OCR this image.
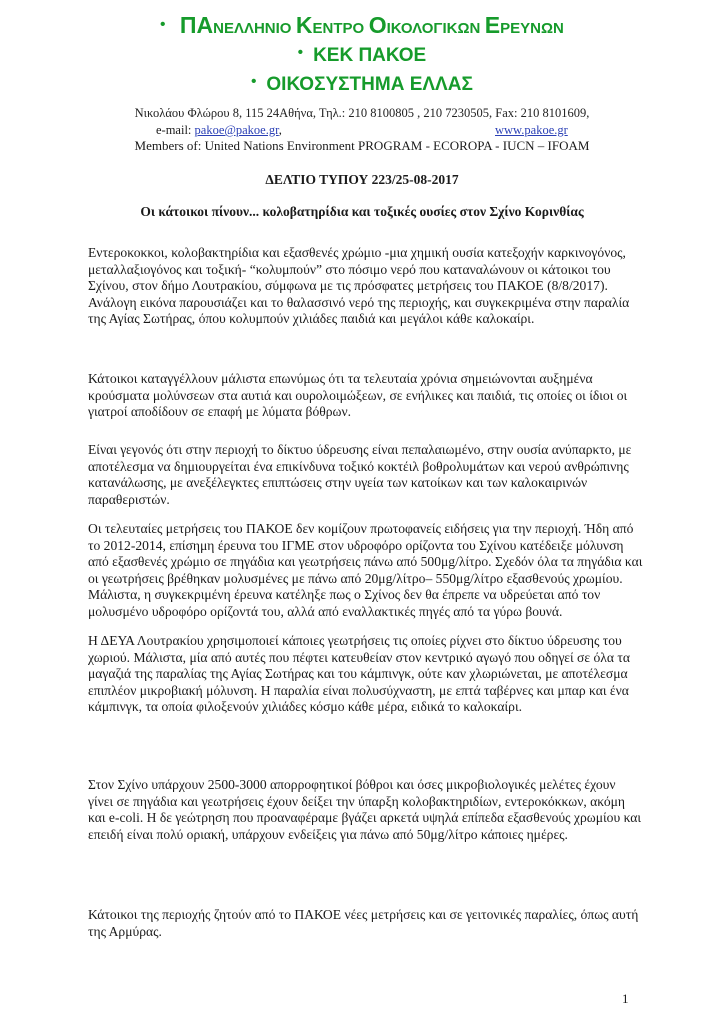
• ΠΑΝΕΛΛΗΝΙΟ ΚΕΝΤΡΟ ΟΙΚΟΛΟΓΙΚΩΝ ΕΡΕΥΝΩΝ
• ΚΕΚ ΠΑΚΟΕ
• ΟΙΚΟΣΥΣΤΗΜΑ ΕΛΛΑΣ
Νικολάου Φλώρου 8, 115 24Αθήνα, Τηλ.: 210 8100805 , 210 7230505, Fax: 210 8101609,
e-mail: pakoe@pakoe.gr,	www.pakoe.gr
Members of: United Nations Environment PROGRAM - ECOROPA - IUCN – IFOAM
ΔΕΛΤΙΟ ΤΥΠΟΥ 223/25-08-2017
Οι κάτοικοι πίνουν... κολοβατηρίδια και τοξικές ουσίες στον Σχίνο Κορινθίας

Εντεροκοκκοι, κολοβακτηρίδια και εξασθενές χρώμιο -μια χημική ουσία κατεξοχήν καρκινογόνος, μεταλλαξιογόνος και τοξική- “κολυμπούν” στο πόσιμο νερό που καταναλώνουν οι κάτοικοι του Σχίνου, στον δήμο Λουτρακίου, σύμφωνα με τις πρόσφατες μετρήσεις του ΠΑΚΟΕ (8/8/2017). Ανάλογη εικόνα παρουσιάζει και το θαλασσινό νερό της περιοχής, και συγκεκριμένα στην παραλία της Αγίας Σωτήρας, όπου κολυμπούν χιλιάδες παιδιά και μεγάλοι κάθε καλοκαίρι.

Κάτοικοι καταγγέλλουν μάλιστα επωνύμως ότι τα τελευταία χρόνια σημειώνονται αυξημένα κρούσματα μολύνσεων στα αυτιά και ουρολοιμώξεων, σε ενήλικες και παιδιά, τις οποίες οι ίδιοι οι γιατροί αποδίδουν σε επαφή με λύματα βόθρων.

Είναι γεγονός ότι στην περιοχή το δίκτυο ύδρευσης είναι πεπαλαιωμένο, στην ουσία ανύπαρκτο, με αποτέλεσμα να δημιουργείται ένα επικίνδυνα τοξικό κοκτέιλ βοθρολυμάτων και νερού ανθρώπινης κατανάλωσης, με ανεξέλεγκτες επιπτώσεις στην υγεία των κατοίκων και των καλοκαιρινών παραθεριστών.

Οι τελευταίες μετρήσεις του ΠΑΚΟΕ δεν κομίζουν πρωτοφανείς ειδήσεις για την περιοχή. Ήδη από το 2012-2014, επίσημη έρευνα του ΙΓΜΕ στον υδροφόρο ορίζοντα του Σχίνου κατέδειξε μόλυνση από εξασθενές χρώμιο σε πηγάδια και γεωτρήσεις πάνω από 500μg/λίτρο. Σχεδόν όλα τα πηγάδια και οι γεωτρήσεις βρέθηκαν μολυσμένες με πάνω από 20μg/λίτρο– 550μg/λίτρο εξασθενούς χρωμίου. Μάλιστα, η συγκεκριμένη έρευνα κατέληξε πως ο Σχίνος δεν θα έπρεπε να υδρεύεται από τον μολυσμένο υδροφόρο ορίζοντά του, αλλά από εναλλακτικές πηγές από τα γύρω βουνά.

Η ΔΕΥΑ Λουτρακίου χρησιμοποιεί κάποιες γεωτρήσεις τις οποίες ρίχνει στο δίκτυο ύδρευσης του χωριού. Μάλιστα, μία από αυτές που πέφτει κατευθείαν στον κεντρικό αγωγό που οδηγεί σε όλα τα μαγαζιά της παραλίας της Αγίας Σωτήρας και του κάμπινγκ, ούτε καν χλωριώνεται, με αποτέλεσμα επιπλέον μικροβιακή μόλυνση. Η παραλία είναι πολυσύχναστη, με επτά ταβέρνες και μπαρ και ένα κάμπινγκ, τα οποία φιλοξενούν χιλιάδες κόσμο κάθε μέρα, ειδικά το καλοκαίρι.

Στον Σχίνο υπάρχουν 2500-3000 απορροφητικοί βόθροι και όσες μικροβιολογικές μελέτες έχουν γίνει σε πηγάδια και γεωτρήσεις έχουν δείξει την ύπαρξη κολοβακτηριδίων, εντεροκόκκων, ακόμη και e-coli. Η δε γεώτρηση που προαναφέραμε βγάζει αρκετά υψηλά επίπεδα εξασθενούς χρωμίου και επειδή είναι πολύ οριακή, υπάρχουν ενδείξεις για πάνω από 50μg/λίτρο κάποιες ημέρες.

Κάτοικοι της περιοχής ζητούν από το ΠΑΚΟΕ νέες μετρήσεις και σε γειτονικές παραλίες, όπως αυτή της Αρμύρας.

1
